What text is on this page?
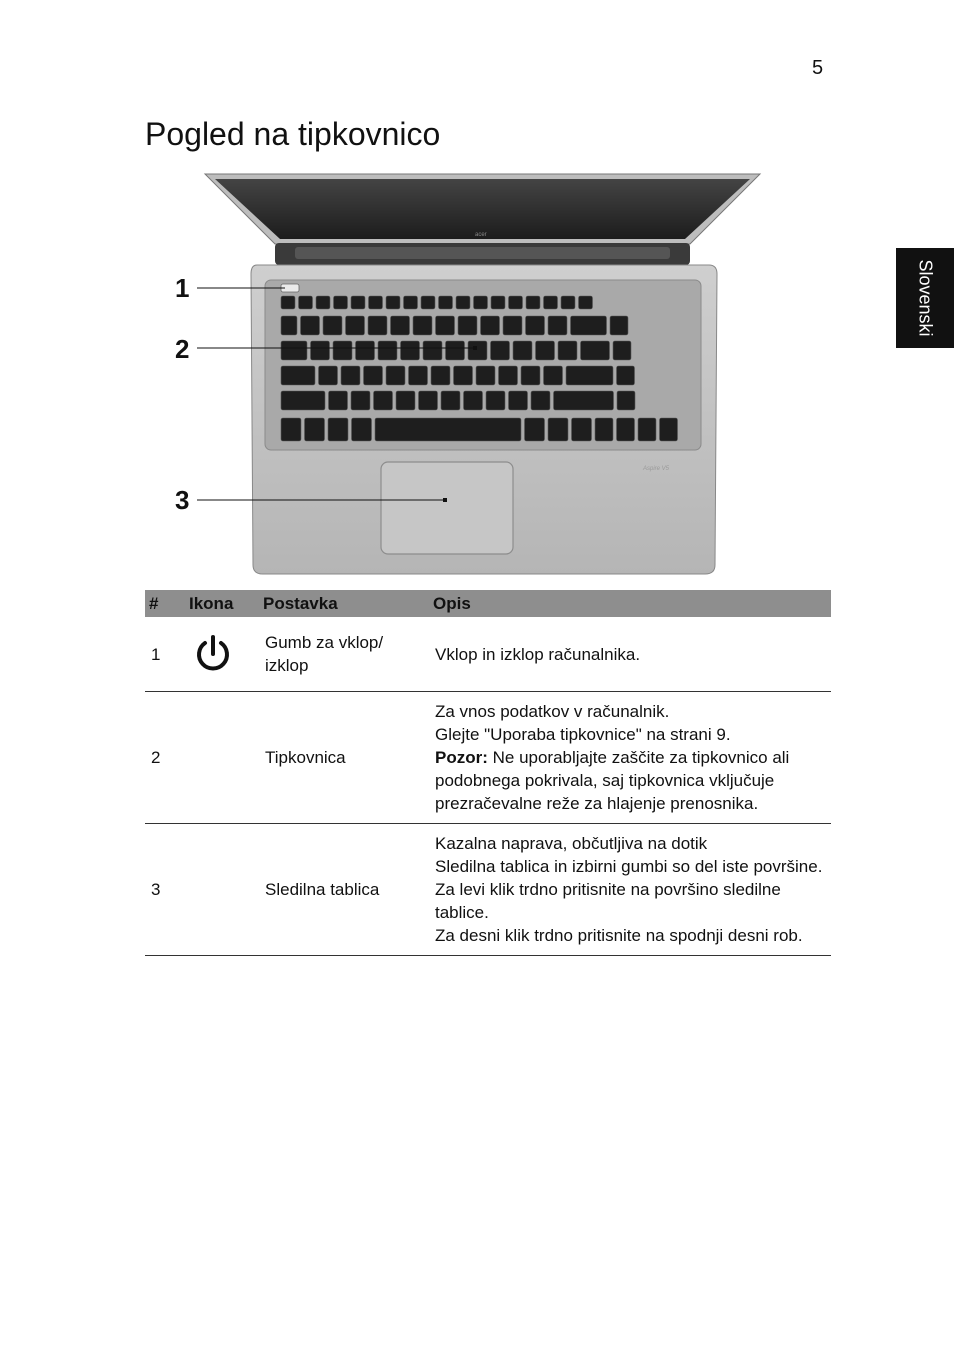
5
Pogled na tipkovnico
Slovenski
acer
Aspire V5
1
2
3
#	Ikona	Postavka	Opis
1		Gumb za vklop/ izklop	Vklop in izklop računalnika.

2		Tipkovnica	Za vnos podatkov v računalnik.
Glejte "Uporaba tipkovnice" na strani 9.
Pozor: Ne uporabljajte zaščite za tipkovnico ali podobnega pokrivala, saj tipkovnica vključuje prezračevalne reže za hlajenje prenosnika.

3		Sledilna tablica	Kazalna naprava, občutljiva na dotik
Sledilna tablica in izbirni gumbi so del iste površine.
Za levi klik trdno pritisnite na površino sledilne tablice.
Za desni klik trdno pritisnite na spodnji desni rob.
